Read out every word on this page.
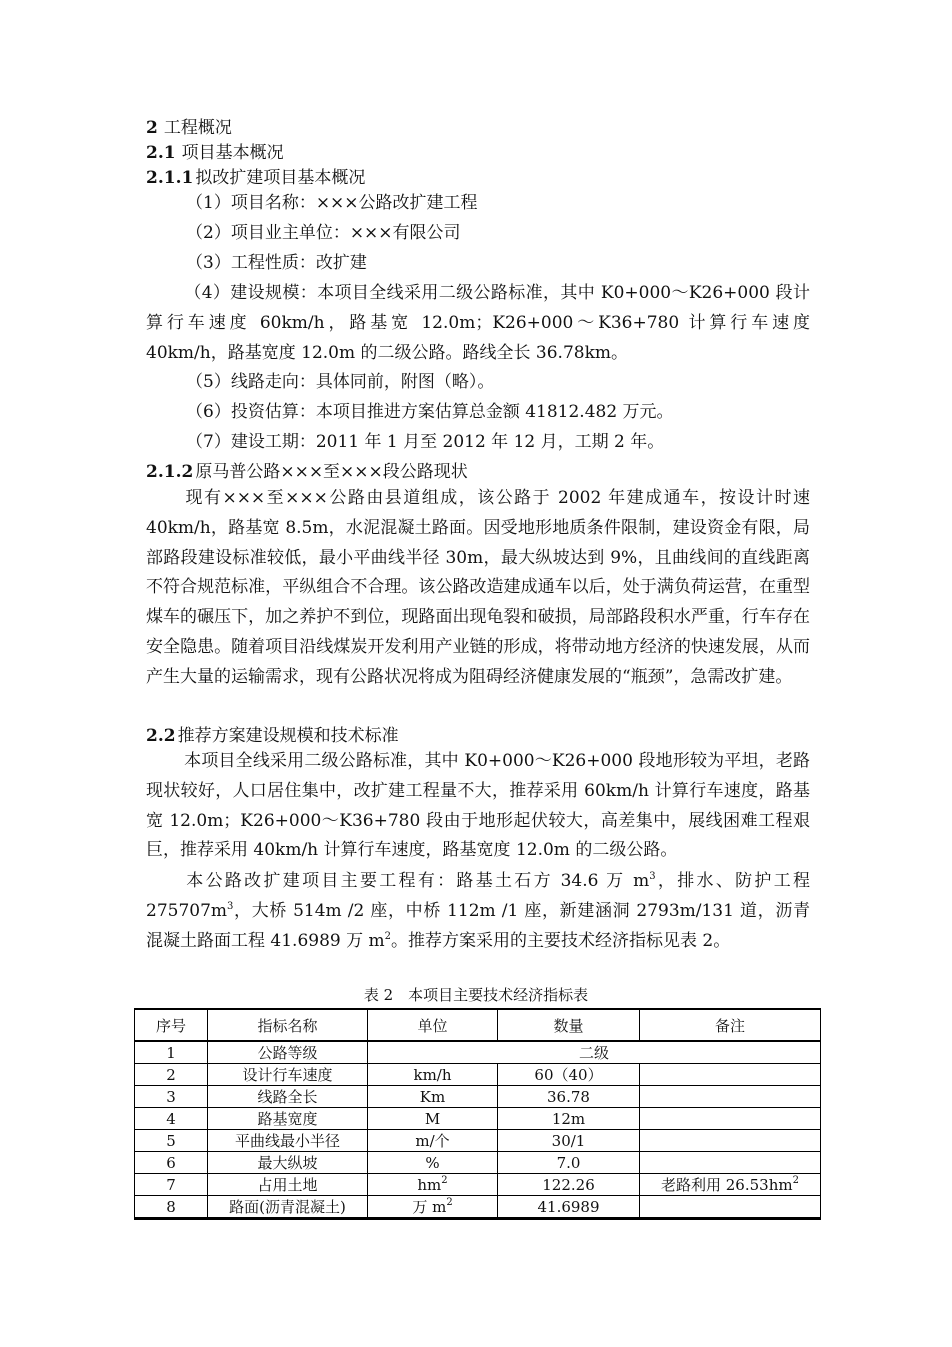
2 工程概况
2.1 项目基本概况
2.1.1 拟改扩建项目基本概况
（1）项目名称：×××公路改扩建工程
（2）项目业主单位：×××有限公司
（3）工程性质：改扩建
（4）建设规模：本项目全线采用二级公路标准，其中 K0+000～K26+000 段计算行车速度 60km/h，路基宽 12.0m；K26+000～K36+780 计算行车速度 40km/h，路基宽度 12.0m 的二级公路。路线全长 36.78km。
（5）线路走向：具体同前，附图（略）。
（6）投资估算：本项目推进方案估算总金额 41812.482 万元。
（7）建设工期：2011 年 1 月至 2012 年 12 月，工期 2 年。
2.1.2 原马普公路×××至×××段公路现状
现有×××至×××公路由县道组成，该公路于 2002 年建成通车，按设计时速 40km/h，路基宽 8.5m，水泥混凝土路面。因受地形地质条件限制，建设资金有限，局部路段建设标准较低，最小平曲线半径 30m，最大纵坡达到 9%，且曲线间的直线距离不符合规范标准，平纵组合不合理。该公路改造建成通车以后，处于满负荷运营，在重型煤车的碾压下，加之养护不到位，现路面出现龟裂和破损，局部路段积水严重，行车存在安全隐患。随着项目沿线煤炭开发利用产业链的形成，将带动地方经济的快速发展，从而产生大量的运输需求，现有公路状况将成为阻碍经济健康发展的“瓶颈”，急需改扩建。
2.2 推荐方案建设规模和技术标准
本项目全线采用二级公路标准，其中 K0+000～K26+000 段地形较为平坦，老路现状较好，人口居住集中，改扩建工程量不大，推荐采用 60km/h 计算行车速度，路基宽 12.0m；K26+000～K36+780 段由于地形起伏较大，高差集中，展线困难工程艰巨，推荐采用 40km/h 计算行车速度，路基宽度 12.0m 的二级公路。
本公路改扩建项目主要工程有：路基土石方 34.6 万 $m^3$，排水、防护工程 $275707m^3$，大桥 514m /2 座，中桥 112m /1 座，新建涵洞 2793m/131 道，沥青混凝土路面工程 41.6989 万 $m^2$。推荐方案采用的主要技术经济指标见表 2。
表 2　本项目主要技术经济指标表
序号	指标名称	单位	数量	备注
1	公路等级	二级		
2	设计行车速度	km/h	60（40）	
3	线路全长	Km	36.78	
4	路基宽度	M	12m	
5	平曲线最小半径	m/个	30/1	
6	最大纵坡	%	7.0	
7	占用土地	$hm^2$	122.26	老路利用 $26.53hm^2$
8	路面(沥青混凝土)	万 $m^2$	41.6989	
